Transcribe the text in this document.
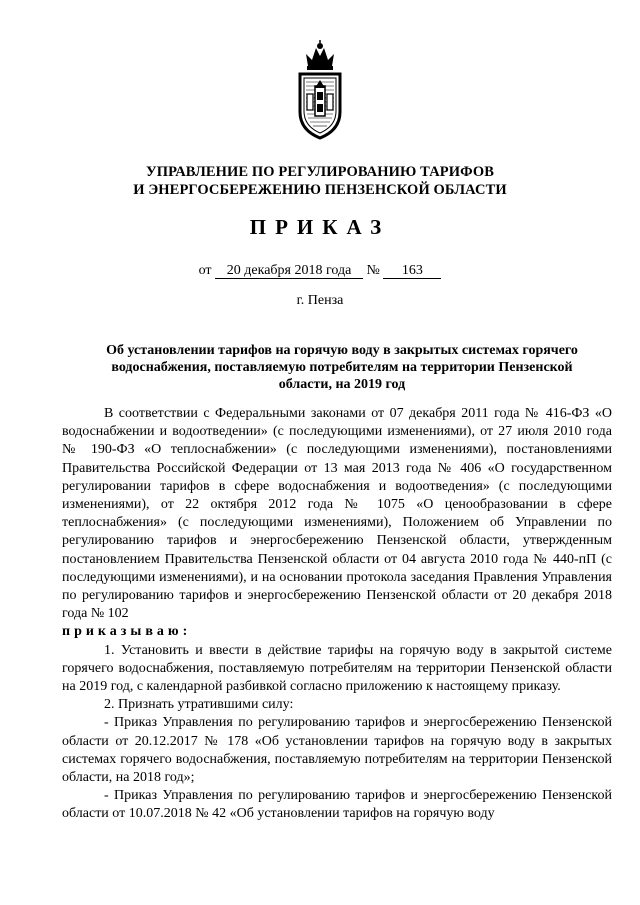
УПРАВЛЕНИЕ ПО РЕГУЛИРОВАНИЮ ТАРИФОВ
И ЭНЕРГОСБЕРЕЖЕНИЮ ПЕНЗЕНСКОЙ ОБЛАСТИ
ПРИКАЗ
от 20 декабря 2018 года № 163
г. Пенза
Об установлении тарифов на горячую воду в закрытых системах горячего
водоснабжения, поставляемую потребителям на территории Пензенской
области, на 2019 год

В соответствии с Федеральными законами от 07 декабря 2011 года № 416-ФЗ «О водоснабжении и водоотведении» (с последующими изменениями), от 27 июля 2010 года № 190-ФЗ «О теплоснабжении» (с последующими изменениями), постановлениями Правительства Российской Федерации от 13 мая 2013 года № 406 «О государственном регулировании тарифов в сфере водоснабжения и водоотведения» (с последующими изменениями), от 22 октября 2012 года № 1075 «О ценообразовании в сфере теплоснабжения» (с последующими изменениями), Положением об Управлении по регулированию тарифов и энергосбережению Пензенской области, утвержденным постановлением Правительства Пензенской области от 04 августа 2010 года № 440-пП (с последующими изменениями), и на основании протокола заседания Правления Управления по регулированию тарифов и энергосбережению Пензенской области от 20 декабря 2018 года № 102

приказываю:

1. Установить и ввести в действие тарифы на горячую воду в закрытой системе горячего водоснабжения, поставляемую потребителям на территории Пензенской области на 2019 год, с календарной разбивкой согласно приложению к настоящему приказу.

2. Признать утратившими силу:

- Приказ Управления по регулированию тарифов и энергосбережению Пензенской области от 20.12.2017 № 178 «Об установлении тарифов на горячую воду в закрытых системах горячего водоснабжения, поставляемую потребителям на территории Пензенской области, на 2018 год»;

- Приказ Управления по регулированию тарифов и энергосбережению Пензенской области от 10.07.2018 № 42 «Об установлении тарифов на горячую воду
